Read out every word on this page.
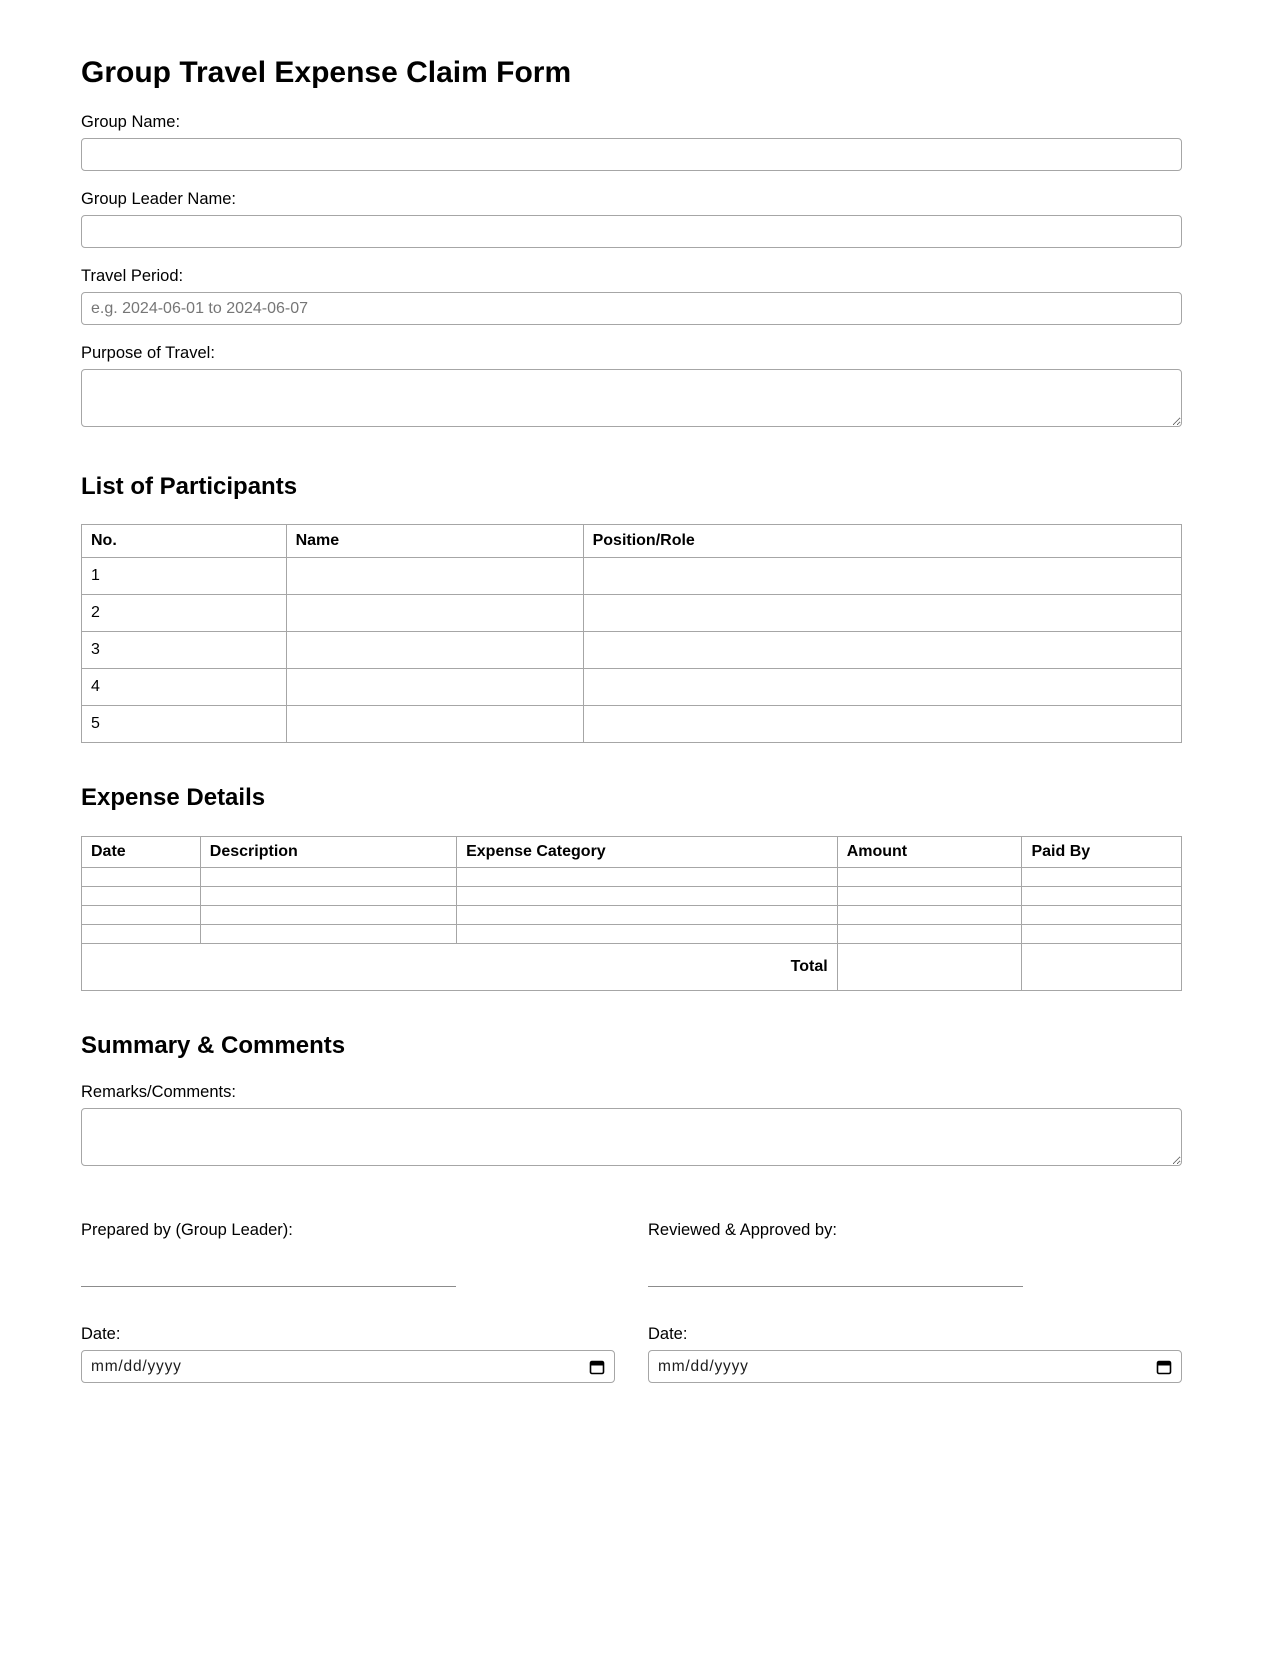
Group Travel Expense Claim Form
Group Name:
Group Leader Name:
Travel Period:
e.g. 2024-06-01 to 2024-06-07
Purpose of Travel:
List of Participants
No.	Name	Position/Role
1		
2		
3		
4		
5		
Expense Details
Date	Description	Expense Category	Amount	Paid By

Total				
Summary & Comments
Remarks/Comments:
Prepared by (Group Leader):
Date:
mm/dd/yyyy
Reviewed & Approved by:
Date:
mm/dd/yyyy
